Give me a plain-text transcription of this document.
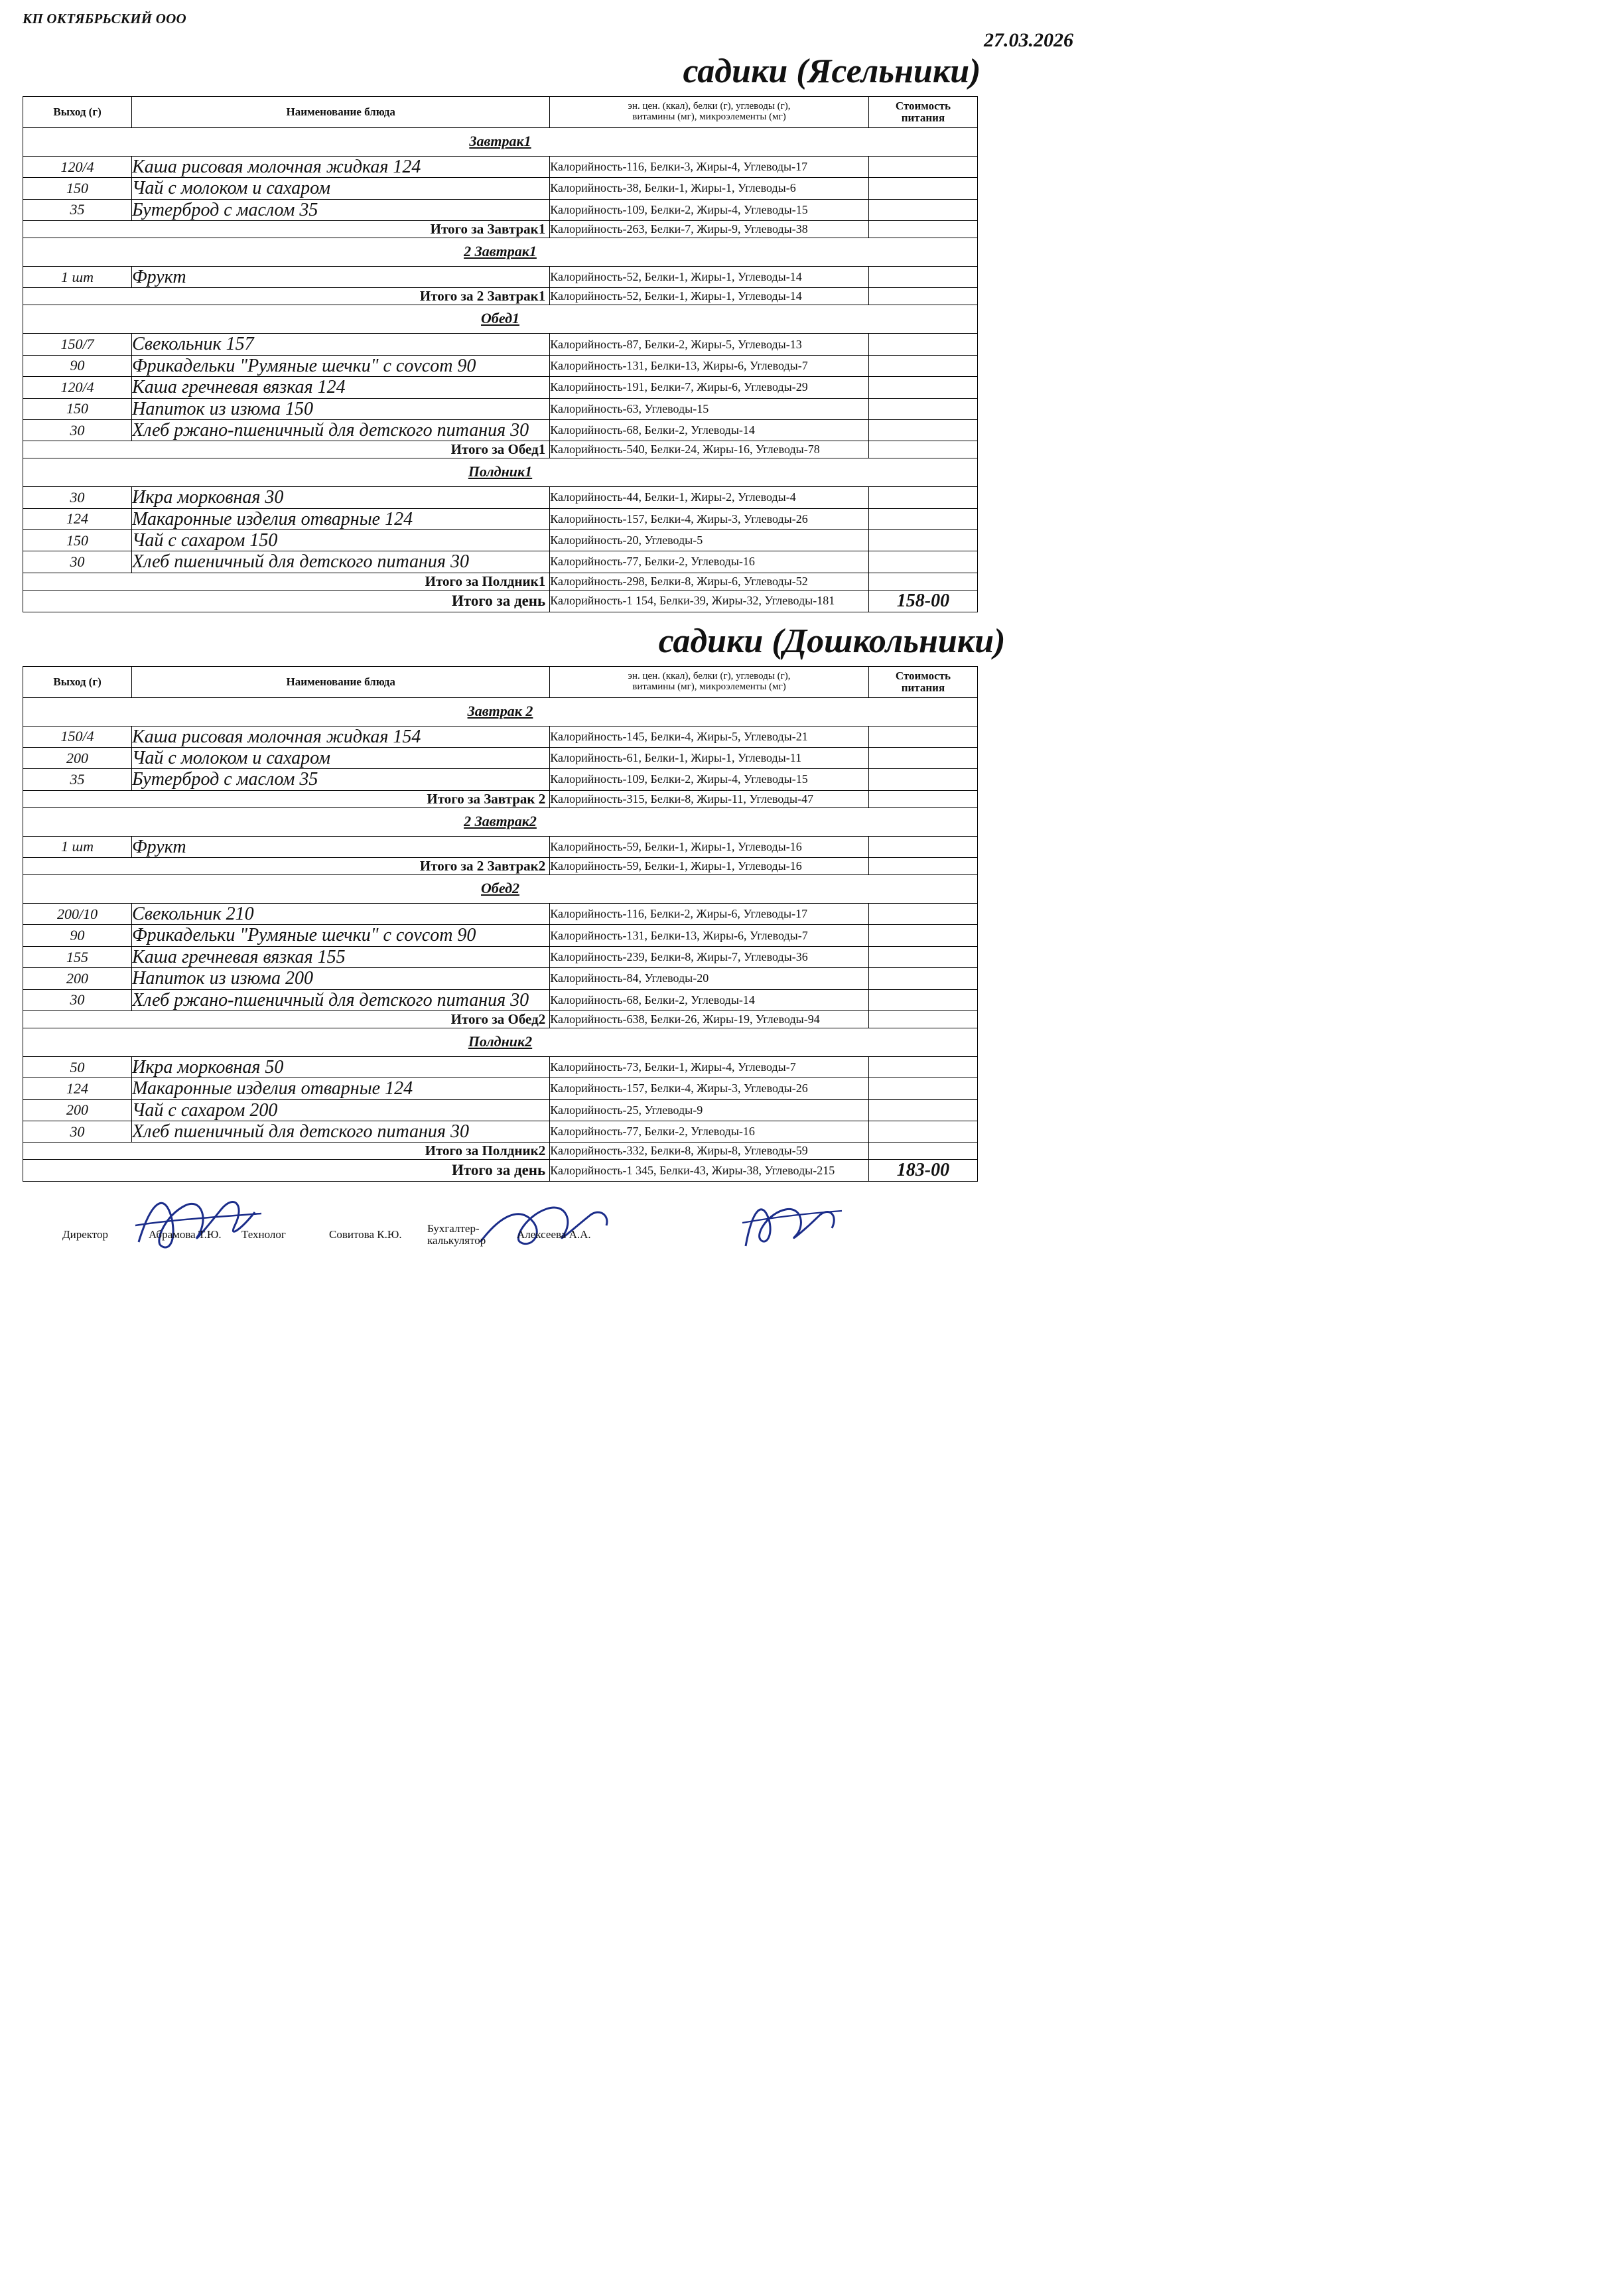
КП ОКТЯБРЬСКИЙ ООО
27.03.2026
садики (Ясельники)
Выход (г)	Наименование блюда	эн. цен. (ккал), белки (г), углеводы (г),
витамины (мг), микроэлементы (мг)

Стоимость
питания

Завтрак1			
120/4	Каша рисовая молочная жидкая 124	Калорийность-116, Белки-3, Жиры-4, Углеводы-17	
150	Чай с молоком и сахаром	Калорийность-38, Белки-1, Жиры-1, Углеводы-6	
35	Бутерброд с маслом 35	Калорийность-109, Белки-2, Жиры-4, Углеводы-15	
Итого за Завтрак1		Калорийность-263, Белки-7, Жиры-9, Углеводы-38	
2 Завтрак1			
1 шт	Фрукт	Калорийность-52, Белки-1, Жиры-1, Углеводы-14	
Итого за 2 Завтрак1		Калорийность-52, Белки-1, Жиры-1, Углеводы-14	
Обед1			
150/7	Свекольник 157	Калорийность-87, Белки-2, Жиры-5, Углеводы-13	
90	Фрикадельки "Румяные шечки" с covcom 90	Калорийность-131, Белки-13, Жиры-6, Углеводы-7	
120/4	Каша гречневая вязкая 124	Калорийность-191, Белки-7, Жиры-6, Углеводы-29	
150	Напиток из изюма 150	Калорийность-63, Углеводы-15	
30	Хлеб ржано-пшеничный для детского питания 30	Калорийность-68, Белки-2, Углеводы-14	
Итого за Обед1		Калорийность-540, Белки-24, Жиры-16, Углеводы-78	
Полдник1			
30	Икра морковная 30	Калорийность-44, Белки-1, Жиры-2, Углеводы-4	
124	Макаронные изделия отварные 124	Калорийность-157, Белки-4, Жиры-3, Углеводы-26	
150	Чай с сахаром 150	Калорийность-20, Углеводы-5	
30	Хлеб пшеничный для детского питания 30	Калорийность-77, Белки-2, Углеводы-16	
Итого за Полдник1		Калорийность-298, Белки-8, Жиры-6, Углеводы-52	
Итого за день		Калорийность-1 154, Белки-39, Жиры-32, Углеводы-181	158-00
садики (Дошкольники)
Выход (г)	Наименование блюда	эн. цен. (ккал), белки (г), углеводы (г),
витамины (мг), микроэлементы (мг)

Стоимость
питания

Завтрак 2			
150/4	Каша рисовая молочная жидкая 154	Калорийность-145, Белки-4, Жиры-5, Углеводы-21	
200	Чай с молоком и сахаром	Калорийность-61, Белки-1, Жиры-1, Углеводы-11	
35	Бутерброд с маслом 35	Калорийность-109, Белки-2, Жиры-4, Углеводы-15	
Итого за Завтрак 2		Калорийность-315, Белки-8, Жиры-11, Углеводы-47	
2 Завтрак2			
1 шт	Фрукт	Калорийность-59, Белки-1, Жиры-1, Углеводы-16	
Итого за 2 Завтрак2		Калорийность-59, Белки-1, Жиры-1, Углеводы-16	
Обед2			
200/10	Свекольник 210	Калорийность-116, Белки-2, Жиры-6, Углеводы-17	
90	Фрикадельки "Румяные шечки" с covcom 90	Калорийность-131, Белки-13, Жиры-6, Углеводы-7	
155	Каша гречневая вязкая 155	Калорийность-239, Белки-8, Жиры-7, Углеводы-36	
200	Напиток из изюма 200	Калорийность-84, Углеводы-20	
30	Хлеб ржано-пшеничный для детского питания 30	Калорийность-68, Белки-2, Углеводы-14	
Итого за Обед2		Калорийность-638, Белки-26, Жиры-19, Углеводы-94	
Полдник2			
50	Икра морковная 50	Калорийность-73, Белки-1, Жиры-4, Углеводы-7	
124	Макаронные изделия отварные 124	Калорийность-157, Белки-4, Жиры-3, Углеводы-26	
200	Чай с сахаром 200	Калорийность-25, Углеводы-9	
30	Хлеб пшеничный для детского питания 30	Калорийность-77, Белки-2, Углеводы-16	
Итого за Полдник2		Калорийность-332, Белки-8, Жиры-8, Углеводы-59	
Итого за день		Калорийность-1 345, Белки-43, Жиры-38, Углеводы-215	183-00
Директор	Абрамова Т.Ю. Технолог	Совитова К.Ю. Бухгалтер-калькулятор	Алексеева А.А.
